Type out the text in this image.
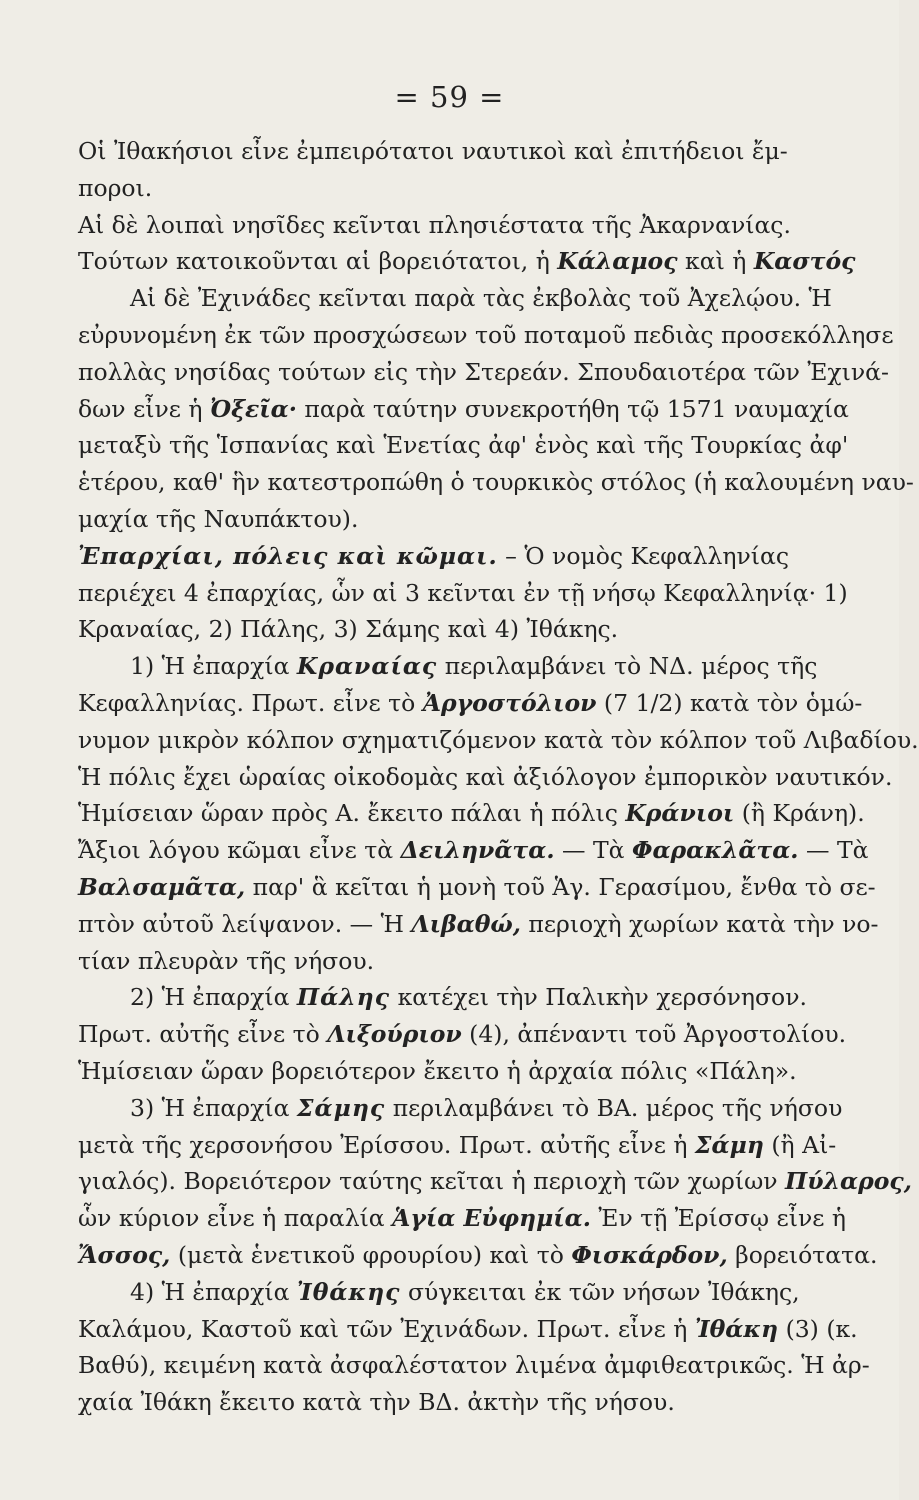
= 59 =
Οἱ Ἰθακήσιοι εἶνε ἐμπειρότατοι ναυτικοὶ καὶ ἐπιτήδειοι ἔμ-
ποροι.
Αἱ δὲ λοιπαὶ νησῖδες κεῖνται πλησιέστατα τῆς Ἀκαρνανίας.
Τούτων κατοικοῦνται αἱ βορειότατοι, ἡ Κάλαμος καὶ ἡ Καστός
Αἱ δὲ Ἐχινάδες κεῖνται παρὰ τὰς ἐκβολὰς τοῦ Ἀχελῴου. Ἡ
εὐρυνομένη ἐκ τῶν προσχώσεων τοῦ ποταμοῦ πεδιὰς προσεκόλλησε
πολλὰς νησίδας τούτων εἰς τὴν Στερεάν. Σπουδαιοτέρα τῶν Ἐχινά-
δων εἶνε ἡ Ὀξεῖα· παρὰ ταύτην συνεκροτήθη τῷ 1571 ναυμαχία
μεταξὺ τῆς Ἱσπανίας καὶ Ἑνετίας ἀφ' ἑνὸς καὶ τῆς Τουρκίας ἀφ'
ἑτέρου, καθ' ἣν κατεστροπώθη ὁ τουρκικὸς στόλος (ἡ καλουμένη ναυ-
μαχία τῆς Ναυπάκτου).
Ἐπαρχίαι, πόλεις καὶ κῶμαι. – Ὁ νομὸς Κεφαλληνίας
περιέχει 4 ἐπαρχίας, ὧν αἱ 3 κεῖνται ἐν τῇ νήσῳ Κεφαλληνίᾳ· 1)
Κραναίας, 2) Πάλης, 3) Σάμης καὶ 4) Ἰθάκης.
1) Ἡ ἐπαρχία Κραναίας περιλαμβάνει τὸ ΝΔ. μέρος τῆς
Κεφαλληνίας. Πρωτ. εἶνε τὸ Ἀργοστόλιον (7 1/2) κατὰ τὸν ὁμώ-
νυμον μικρὸν κόλπον σχηματιζόμενον κατὰ τὸν κόλπον τοῦ Λιβαδίου.
Ἡ πόλις ἔχει ὡραίας οἰκοδομὰς καὶ ἀξιόλογον ἐμπορικὸν ναυτικόν.
Ἡμίσειαν ὥραν πρὸς Α. ἔκειτο πάλαι ἡ πόλις Κράνιοι (ἢ Κράνη).
Ἄξιοι λόγου κῶμαι εἶνε τὰ Δειληνᾶτα. — Τὰ Φαρακλᾶτα. — Τὰ
Βαλσαμᾶτα, παρ' ἃ κεῖται ἡ μονὴ τοῦ Ἁγ. Γερασίμου, ἔνθα τὸ σε-
πτὸν αὐτοῦ λείψανον. — Ἡ Λιβαθώ, περιοχὴ χωρίων κατὰ τὴν νο-
τίαν πλευρὰν τῆς νήσου.
2) Ἡ ἐπαρχία Πάλης κατέχει τὴν Παλικὴν χερσόνησον.
Πρωτ. αὐτῆς εἶνε τὸ Λιξούριον (4), ἀπέναντι τοῦ Ἀργοστολίου.
Ἡμίσειαν ὥραν βορειότερον ἔκειτο ἡ ἀρχαία πόλις «Πάλη».
3) Ἡ ἐπαρχία Σάμης περιλαμβάνει τὸ ΒΑ. μέρος τῆς νήσου
μετὰ τῆς χερσονήσου Ἐρίσσου. Πρωτ. αὐτῆς εἶνε ἡ Σάμη (ἢ Αἰ-
γιαλός). Βορειότερον ταύτης κεῖται ἡ περιοχὴ τῶν χωρίων Πύλαρος,
ὧν κύριον εἶνε ἡ παραλία Ἁγία Εὐφημία. Ἐν τῇ Ἐρίσσῳ εἶνε ἡ
Ἄσσος, (μετὰ ἑνετικοῦ φρουρίου) καὶ τὸ Φισκάρδον, βορειότατα.
4) Ἡ ἐπαρχία Ἰθάκης σύγκειται ἐκ τῶν νήσων Ἰθάκης,
Καλάμου, Καστοῦ καὶ τῶν Ἐχινάδων. Πρωτ. εἶνε ἡ Ἰθάκη (3) (κ.
Βαθύ), κειμένη κατὰ ἀσφαλέστατον λιμένα ἀμφιθεατρικῶς. Ἡ ἀρ-
χαία Ἰθάκη ἔκειτο κατὰ τὴν ΒΔ. ἀκτὴν τῆς νήσου.
